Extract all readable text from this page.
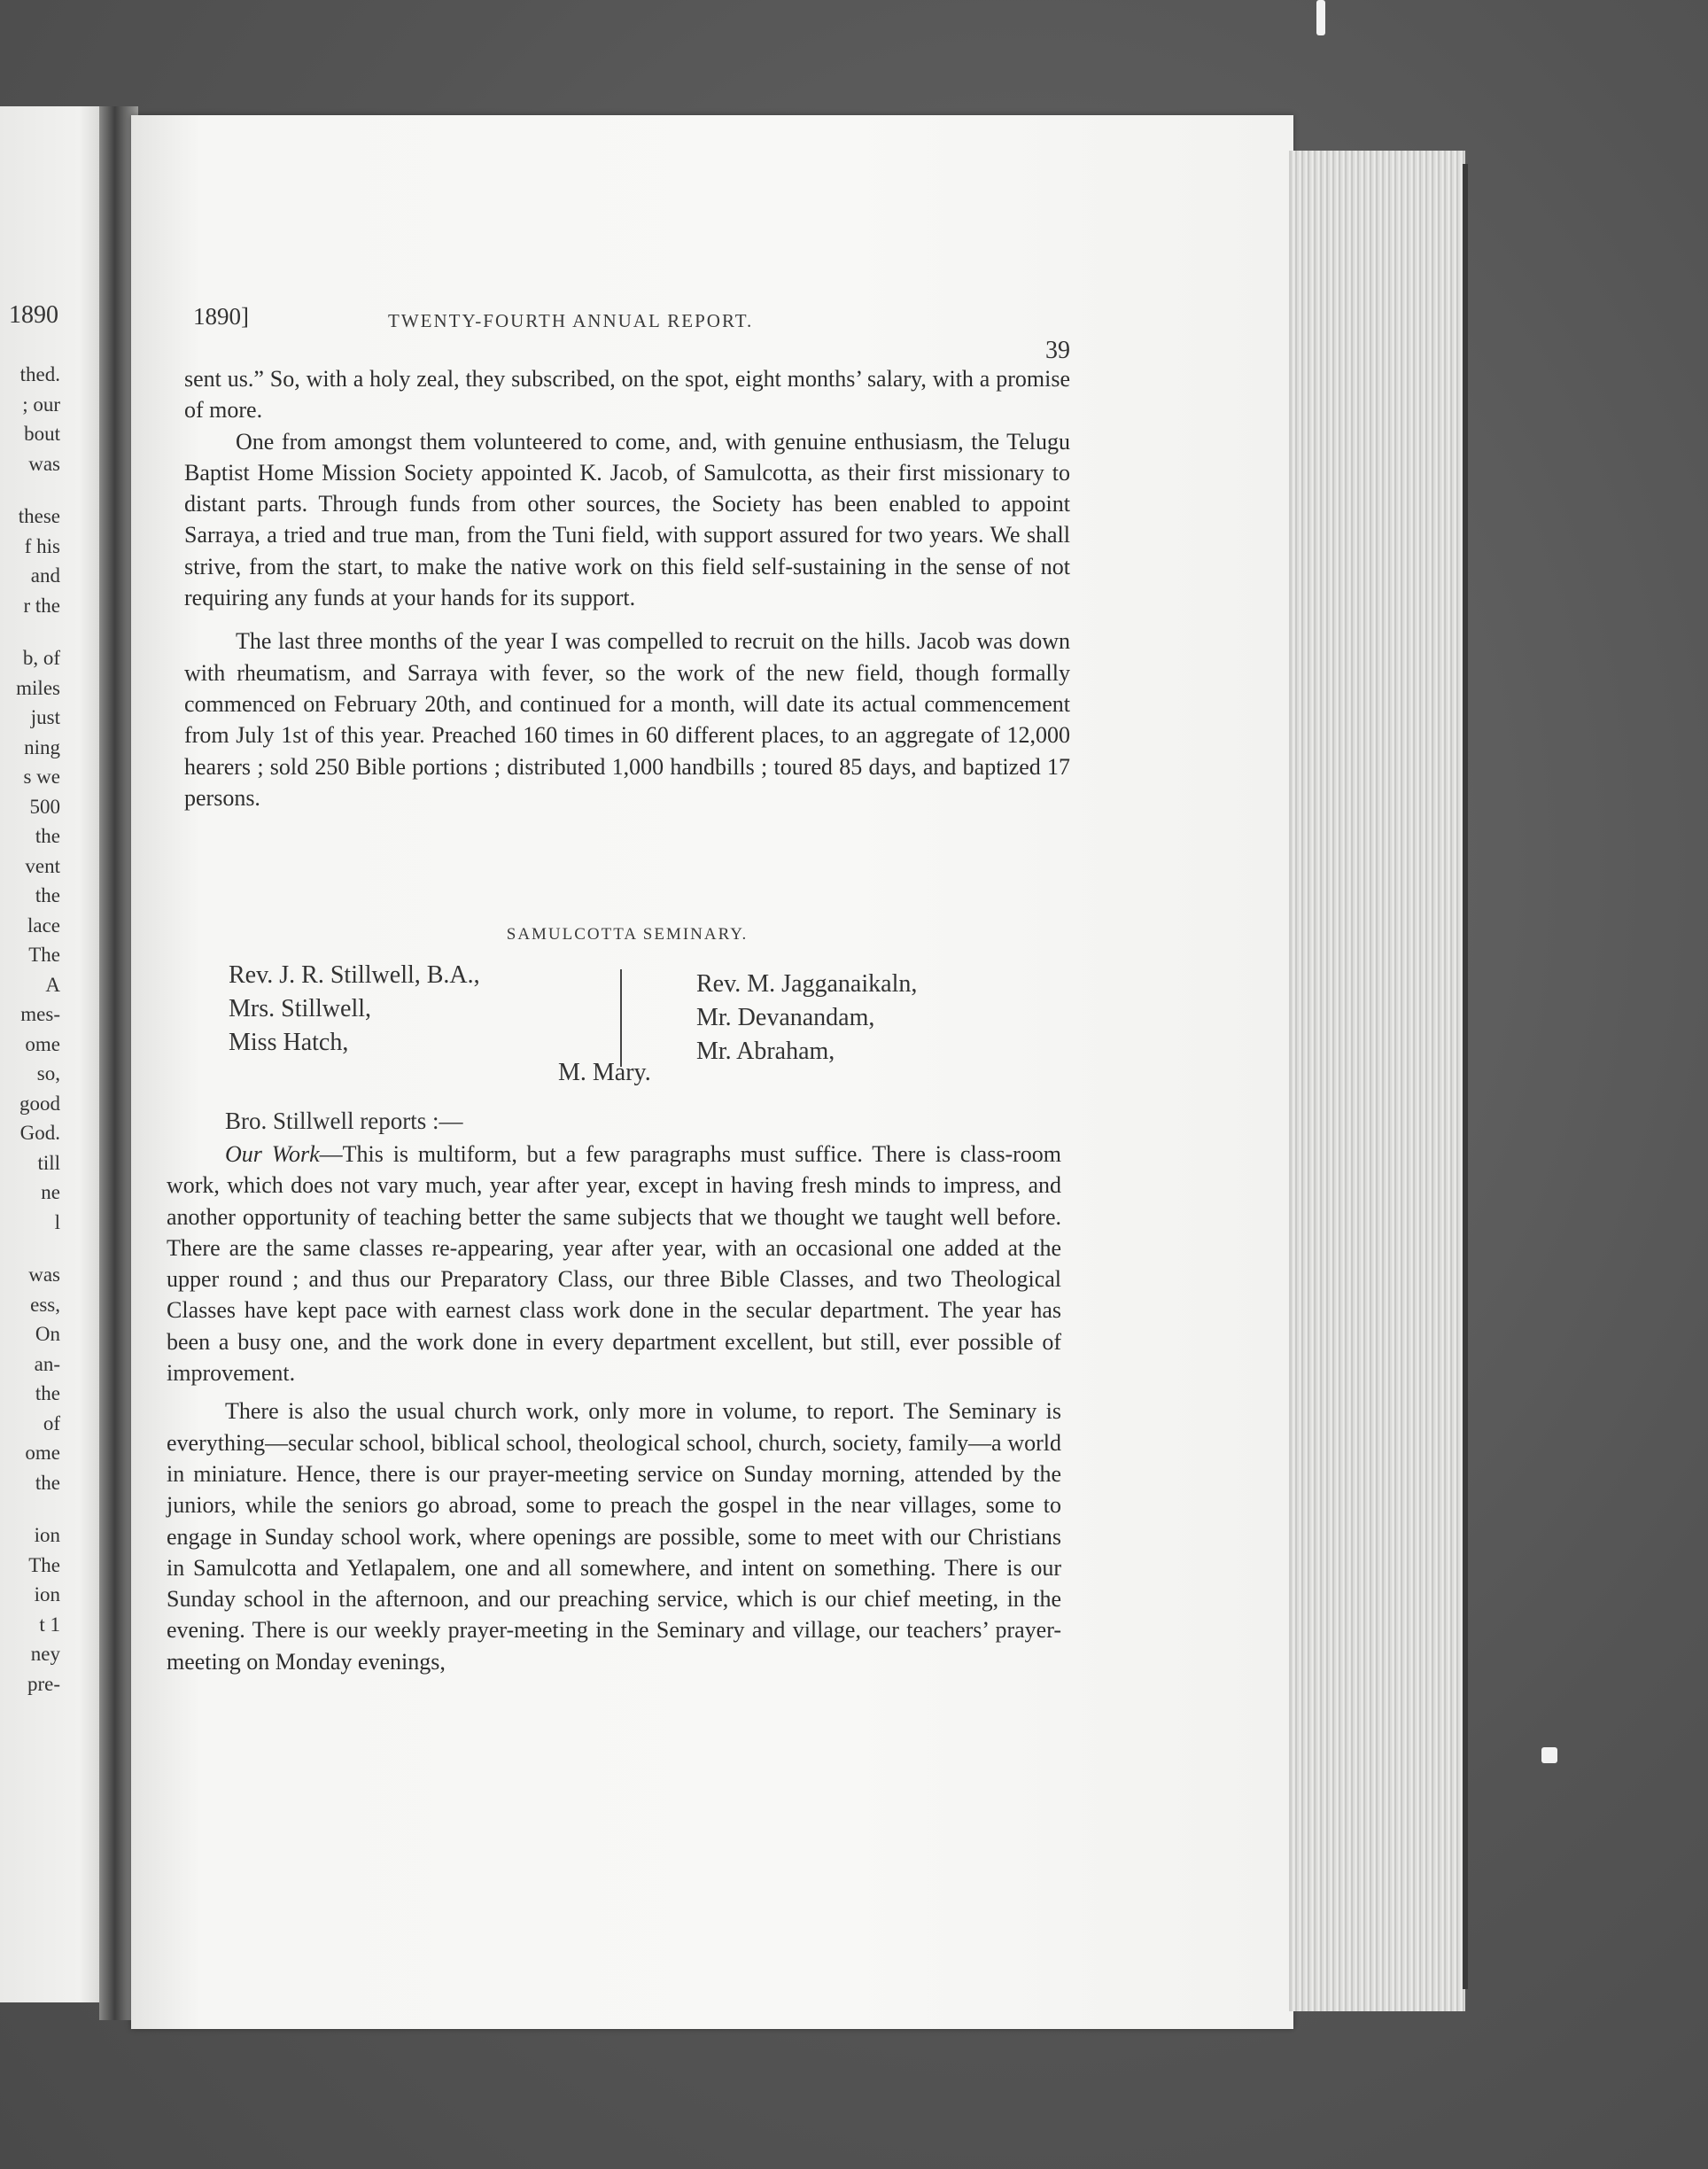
1890
thed.
; our
bout
was
these
f his
and
r the
b, of
miles
just
ning
s we
500
the
vent
the
lace
The
A
mes-
ome
so,
good
God.
till
ne
l
was
ess,
On
an-
the
of
ome
the
ion
The
ion
t 1
ney
pre-
1890]	TWENTY-FOURTH ANNUAL REPORT.
39

sent us.” So, with a holy zeal, they subscribed, on the spot, eight months’ salary, with a promise of more.

One from amongst them volunteered to come, and, with genuine enthusiasm, the Telugu Baptist Home Mission Society appointed K. Jacob, of Samulcotta, as their first missionary to distant parts. Through funds from other sources, the Society has been enabled to appoint Sarraya, a tried and true man, from the Tuni field, with support assured for two years. We shall strive, from the start, to make the native work on this field self-sustaining in the sense of not requiring any funds at your hands for its support.

The last three months of the year I was compelled to recruit on the hills. Jacob was down with rheumatism, and Sarraya with fever, so the work of the new field, though formally commenced on February 20th, and continued for a month, will date its actual commencement from July 1st of this year. Preached 160 times in 60 different places, to an aggregate of 12,000 hearers ; sold 250 Bible portions ; distributed 1,000 handbills ; toured 85 days, and baptized 17 persons.

SAMULCOTTA SEMINARY.
Rev. J. R. Stillwell, B.A.,
Mrs. Stillwell,
Miss Hatch,
Rev. M. Jagganaikaln,
Mr. Devanandam,
Mr. Abraham,
M. Mary.
Bro. Stillwell reports :—

Our Work—This is multiform, but a few paragraphs must suffice. There is class-room work, which does not vary much, year after year, except in having fresh minds to impress, and another opportunity of teaching better the same subjects that we thought we taught well before. There are the same classes re-appearing, year after year, with an occasional one added at the upper round ; and thus our Preparatory Class, our three Bible Classes, and two Theological Classes have kept pace with earnest class work done in the secular department. The year has been a busy one, and the work done in every department excellent, but still, ever possible of improvement.

There is also the usual church work, only more in volume, to report. The Seminary is everything—secular school, biblical school, theological school, church, society, family—a world in miniature. Hence, there is our prayer-meeting service on Sunday morning, attended by the juniors, while the seniors go abroad, some to preach the gospel in the near villages, some to engage in Sunday school work, where openings are possible, some to meet with our Christians in Samulcotta and Yetlapalem, one and all somewhere, and intent on something. There is our Sunday school in the afternoon, and our preaching service, which is our chief meeting, in the evening. There is our weekly prayer-meeting in the Seminary and village, our teachers’ prayer-meeting on Monday evenings,
